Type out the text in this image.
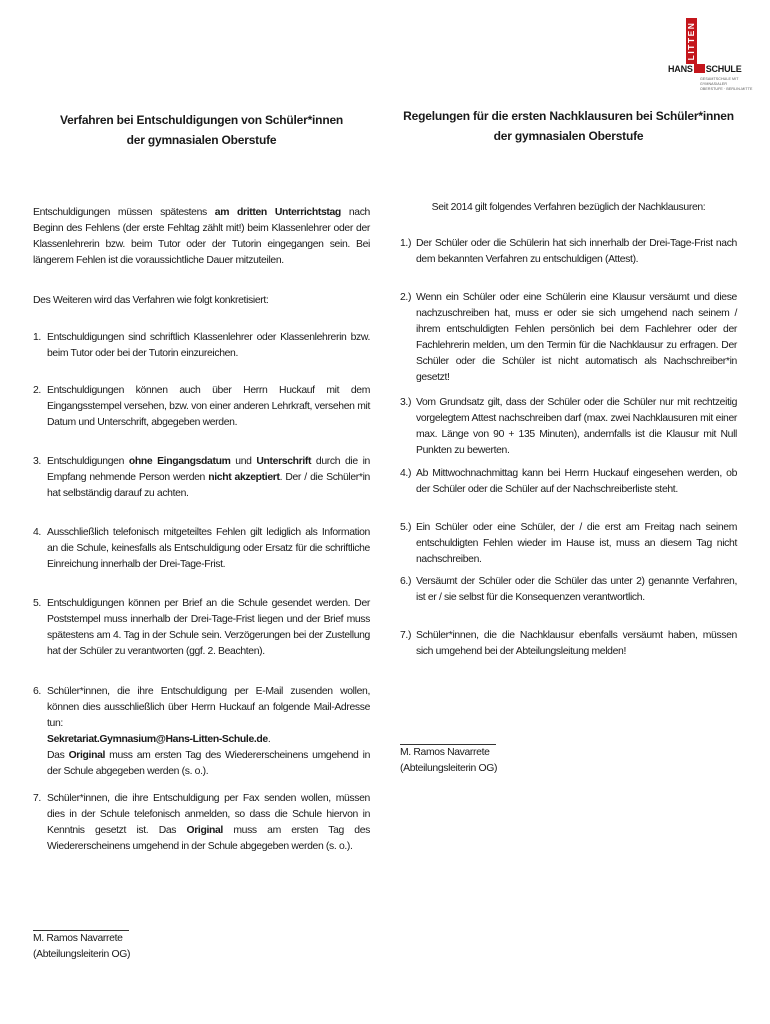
LITTEN
HANS SCHULE
GESAMTSCHULE MIT GYMNASIALER
OBERSTUFE · BERLIN-MITTE
Verfahren bei Entschuldigungen von Schüler*innen
der gymnasialen Oberstufe
Regelungen für die ersten Nachklausuren bei Schüler*innen
der gymnasialen Oberstufe

Entschuldigungen müssen spätestens am dritten Unterrichtstag nach Beginn des Fehlens (der erste Fehltag zählt mit!) beim Klassenlehrer oder der Klassenlehrerin bzw. beim Tutor oder der Tutorin eingegangen sein. Bei längerem Fehlen ist die voraussichtliche Dauer mitzuteilen.

Des Weiteren wird das Verfahren wie folgt konkretisiert:

1. Entschuldigungen sind schriftlich Klassenlehrer oder Klassenlehrerin bzw. beim Tutor oder bei der Tutorin einzureichen.
2. Entschuldigungen können auch über Herrn Huckauf mit dem Eingangsstempel versehen, bzw. von einer anderen Lehrkraft, versehen mit Datum und Unterschrift, abgegeben werden.
3. Entschuldigungen ohne Eingangsdatum und Unterschrift durch die in Empfang nehmende Person werden nicht akzeptiert. Der / die Schüler*in hat selbständig darauf zu achten.
4. Ausschließlich telefonisch mitgeteiltes Fehlen gilt lediglich als Information an die Schule, keinesfalls als Entschuldigung oder Ersatz für die schriftliche Einreichung innerhalb der Drei-Tage-Frist.
5. Entschuldigungen können per Brief an die Schule gesendet werden. Der Poststempel muss innerhalb der Drei-Tage-Frist liegen und der Brief muss spätestens am 4. Tag in der Schule sein. Verzögerungen bei der Zustellung hat der Schüler zu verantworten (ggf. 2. Beachten).
6. Schüler*innen, die ihre Entschuldigung per E-Mail zusenden wollen, können dies ausschließlich über Herrn Huckauf an folgende Mail-Adresse tun:
Sekretariat.Gymnasium@Hans-Litten-Schule.de.
Das Original muss am ersten Tag des Wiedererscheinens umgehend in der Schule abgegeben werden (s. o.).
7. Schüler*innen, die ihre Entschuldigung per Fax senden wollen, müssen dies in der Schule telefonisch anmelden, so dass die Schule hiervon in Kenntnis gesetzt ist. Das Original muss am ersten Tag des Wiedererscheinens umgehend in der Schule abgegeben werden (s. o.).
M. Ramos Navarrete
(Abteilungsleiterin OG)

Seit 2014 gilt folgendes Verfahren bezüglich der Nachklausuren:

1.) Der Schüler oder die Schülerin hat sich innerhalb der Drei-Tage-Frist nach dem bekannten Verfahren zu entschuldigen (Attest).
2.) Wenn ein Schüler oder eine Schülerin eine Klausur versäumt und diese nachzuschreiben hat, muss er oder sie sich umgehend nach seinem / ihrem entschuldigten Fehlen persönlich bei dem Fachlehrer oder der Fachlehrerin melden, um den Termin für die Nachklausur zu erfragen. Der Schüler oder die Schüler ist nicht automatisch als Nachschreiber*in gesetzt!
3.) Vom Grundsatz gilt, dass der Schüler oder die Schüler nur mit rechtzeitig vorgelegtem Attest nachschreiben darf (max. zwei Nachklausuren mit einer max. Länge von 90 + 135 Minuten), andernfalls ist die Klausur mit Null Punkten zu bewerten.
4.) Ab Mittwochnachmittag kann bei Herrn Huckauf eingesehen werden, ob der Schüler oder die Schüler auf der Nachschreiberliste steht.
5.) Ein Schüler oder eine Schüler, der / die erst am Freitag nach seinem entschuldigten Fehlen wieder im Hause ist, muss an diesem Tag nicht nachschreiben.
6.) Versäumt der Schüler oder die Schüler das unter 2) genannte Verfahren, ist er / sie selbst für die Konsequenzen verantwortlich.
7.) Schüler*innen, die die Nachklausur ebenfalls versäumt haben, müssen sich umgehend bei der Abteilungsleitung melden!
M. Ramos Navarrete
(Abteilungsleiterin OG)
